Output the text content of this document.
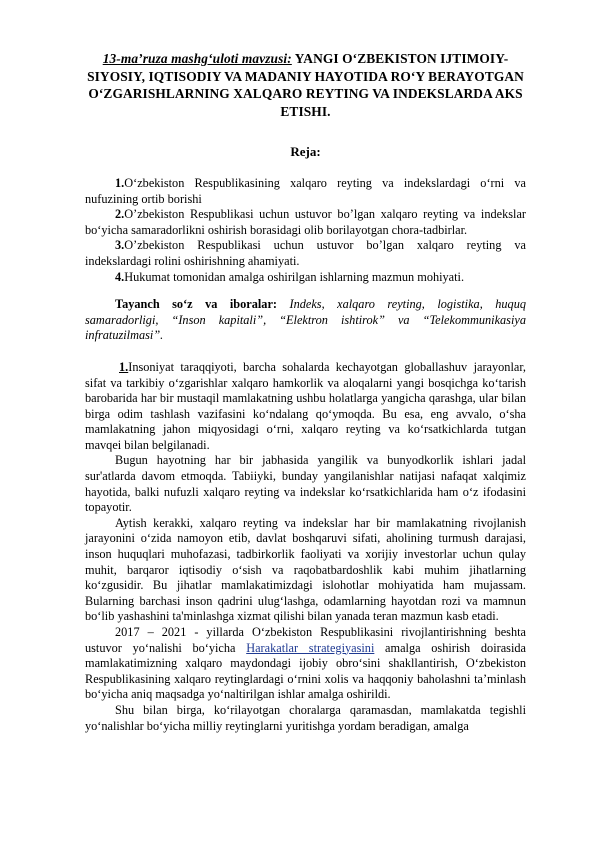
13-ma’ruza mashg‘uloti mavzusi: YANGI O‘ZBEKISTON IJTIMOIY-SIYOSIY, IQTISODIY VA MADANIY HAYOTIDA RO‘Y BERAYOTGAN O‘ZGARISHLARNING XALQARO REYTING VA INDEKSLARDA AKS ETISHI.
Reja:

1.O‘zbekiston Respublikasining xalqaro reyting va indekslardagi o‘rni va nufuzining ortib borishi

2.O’zbekiston Respublikasi uchun ustuvor bo’lgan xalqaro reyting va indekslar bo‘yicha samaradorlikni oshirish borasidagi olib borilayotgan chora-tadbirlar.

3.O’zbekiston Respublikasi uchun ustuvor bo’lgan xalqaro reyting va indekslardagi rolini oshirishning ahamiyati.

4.Hukumat tomonidan amalga oshirilgan ishlarning mazmun mohiyati.

Tayanch so‘z va iboralar: Indeks, xalqaro reyting, logistika, huquq samaradorligi, “Inson kapitali”, “Elektron ishtirok” va “Telekommunikasiya infratuzilmasi”.

1.Insoniyat taraqqiyoti, barcha sohalarda kechayotgan globallashuv jarayonlar, sifat va tarkibiy o‘zgarishlar xalqaro hamkorlik va aloqalarni yangi bosqichga ko‘tarish barobarida har bir mustaqil mamlakatning ushbu holatlarga yangicha qarashga, ular bilan birga odim tashlash vazifasini ko‘ndalang qo‘ymoqda. Bu esa, eng avvalo, o‘sha mamlakatning jahon miqyosidagi o‘rni, xalqaro reyting va ko‘rsatkichlarda tutgan mavqei bilan belgilanadi.

Bugun hayotning har bir jabhasida yangilik va bunyodkorlik ishlari jadal sur'atlarda davom etmoqda. Tabiiyki, bunday yangilanishlar natijasi nafaqat xalqimiz hayotida, balki nufuzli xalqaro reyting va indekslar ko‘rsatkichlarida ham o‘z ifodasini topayotir.

Aytish kerakki, xalqaro reyting va indekslar har bir mamlakatning rivojlanish jarayonini o‘zida namoyon etib, davlat boshqaruvi sifati, aholining turmush darajasi, inson huquqlari muhofazasi, tadbirkorlik faoliyati va xorijiy investorlar uchun qulay muhit, barqaror iqtisodiy o‘sish va raqobatbardoshlik kabi muhim jihatlarning ko‘zgusidir. Bu jihatlar mamlakatimizdagi islohotlar mohiyatida ham mujassam. Bularning barchasi inson qadrini ulug‘lashga, odamlarning hayotdan rozi va mamnun bo‘lib yashashini ta'minlashga xizmat qilishi bilan yanada teran mazmun kasb etadi.

2017 – 2021 - yillarda O‘zbekiston Respublikasini rivojlantirishning beshta ustuvor yo‘nalishi bo‘yicha Harakatlar strategiyasini amalga oshirish doirasida mamlakatimizning xalqaro maydondagi ijobiy obro‘sini shakllantirish, O‘zbekiston Respublikasining xalqaro reytinglardagi o‘rnini xolis va haqqoniy baholashni ta’minlash bo‘yicha aniq maqsadga yo‘naltirilgan ishlar amalga oshirildi.

Shu bilan birga, ko‘rilayotgan choralarga qaramasdan, mamlakatda tegishli yo‘nalishlar bo‘yicha milliy reytinglarni yuritishga yordam beradigan, amalga
